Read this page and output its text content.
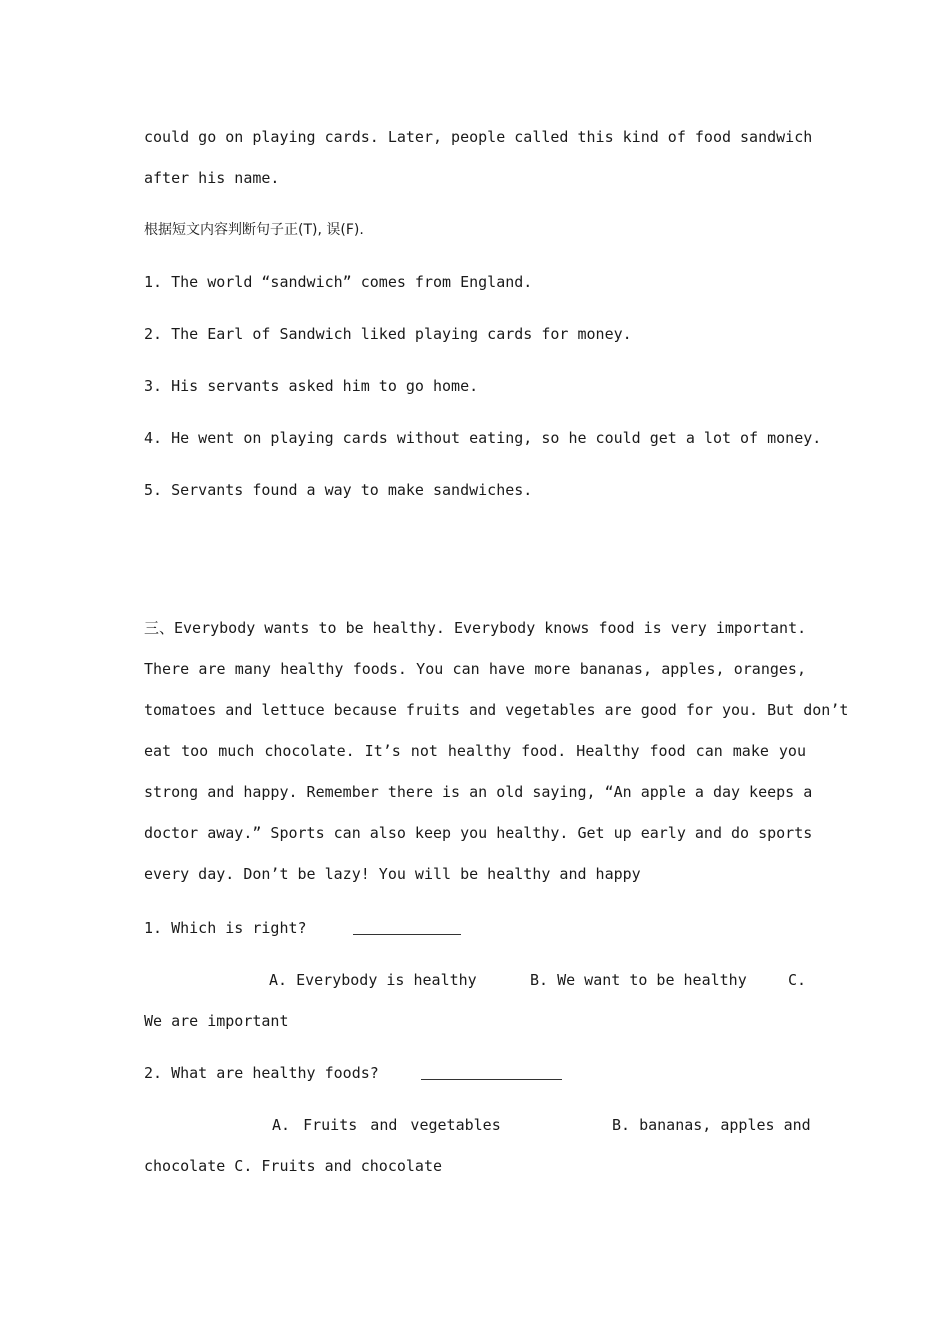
could go on playing cards. Later, people called this kind of food sandwich
after his name.
根据短文内容判断句子正(T), 误(F).
1. The world “sandwich” comes from England.
2. The Earl of Sandwich liked playing cards for money.
3. His servants asked him to go home.
4. He went on playing cards without eating, so he could get a lot of money.
5. Servants found a way to make sandwiches.
三、Everybody wants to be healthy. Everybody knows food is very important.
There are many healthy foods. You can have more bananas, apples, oranges,
tomatoes and lettuce because fruits and vegetables are good for you. But don’t
eat too much chocolate. It’s not healthy food. Healthy food can make you
strong and happy. Remember there is an old saying, “An apple a day keeps a
doctor away.” Sports can also keep you healthy. Get up early and do sports
every day. Don’t be lazy! You will be healthy and happy
1. Which is right?
A. Everybody is healthy	B. We want to be healthy	C.
We are important
2. What are healthy foods?
A. Fruits and vegetables	B. bananas, apples and
chocolate C. Fruits and chocolate
